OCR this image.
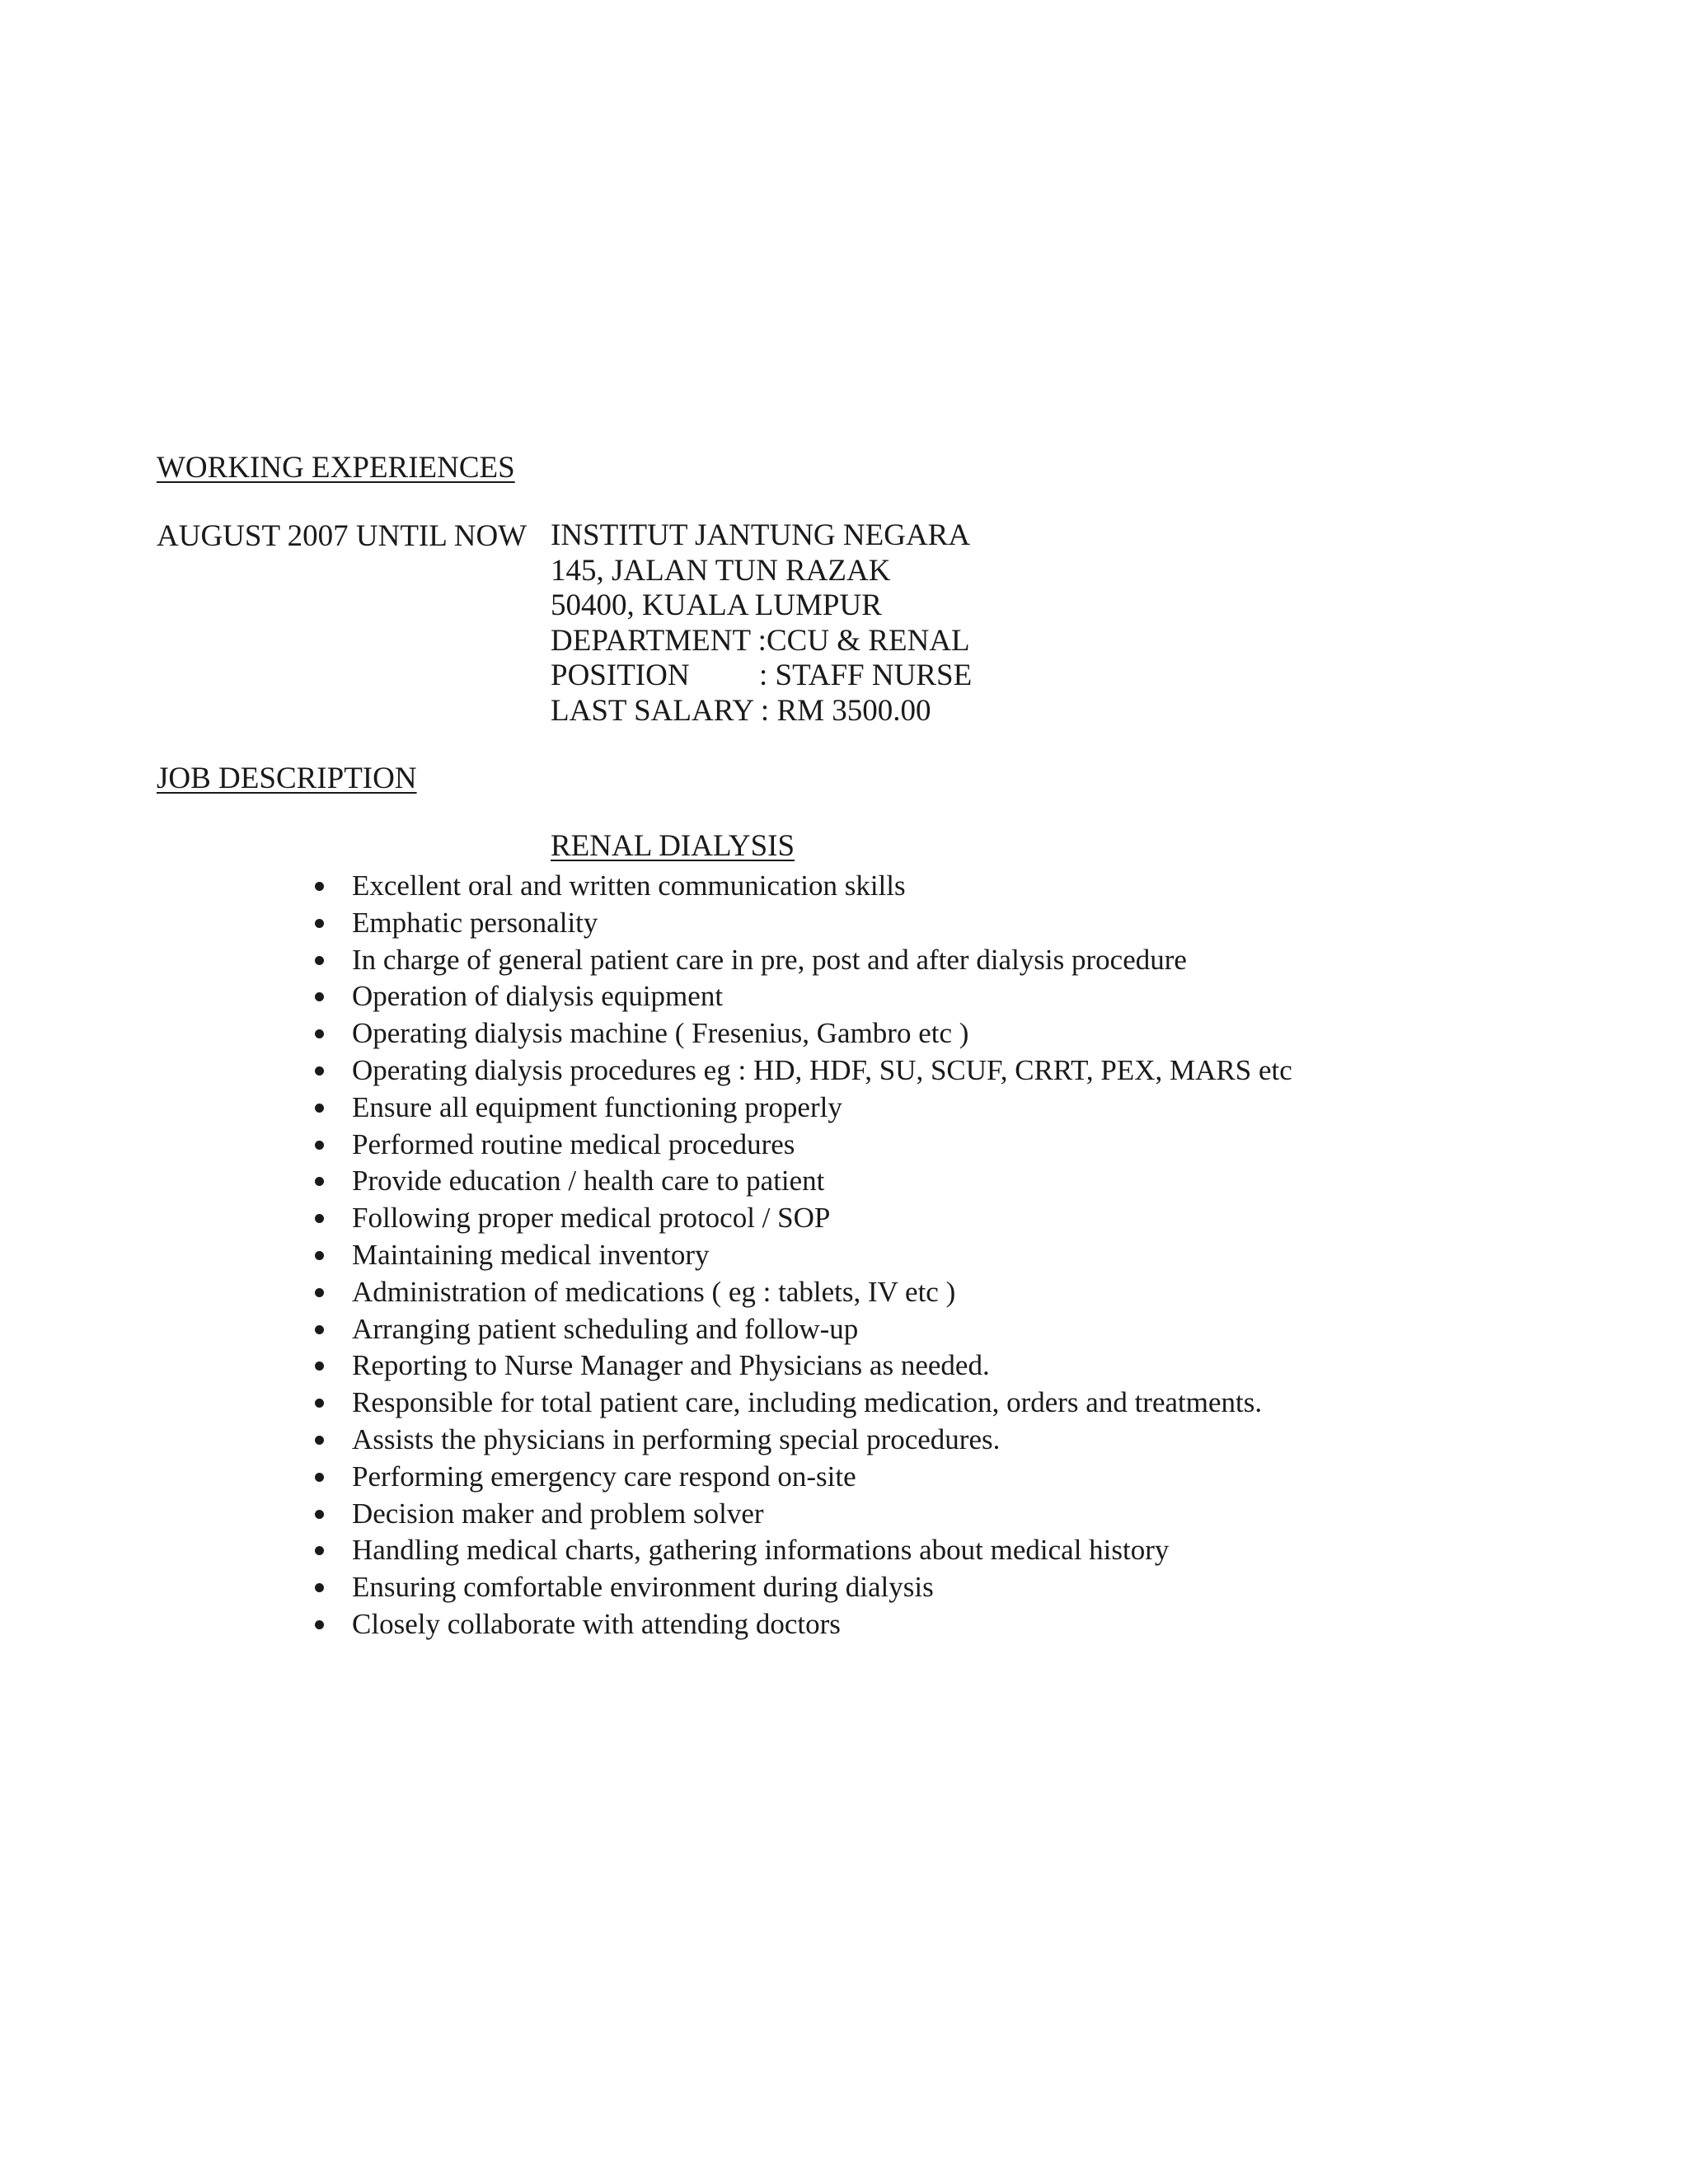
WORKING EXPERIENCES
AUGUST 2007 UNTIL NOW INSTITUT JANTUNG NEGARA
145, JALAN TUN RAZAK
50400, KUALA LUMPUR
DEPARTMENT :CCU & RENAL
POSITION : STAFF NURSE
LAST SALARY : RM 3500.00
JOB DESCRIPTION
RENAL DIALYSIS
Excellent oral and written communication skills
Emphatic personality
In charge of general patient care in pre, post and after dialysis procedure
Operation of dialysis equipment
Operating dialysis machine ( Fresenius, Gambro etc )
Operating dialysis procedures eg : HD, HDF, SU, SCUF, CRRT, PEX, MARS etc
Ensure all equipment functioning properly
Performed routine medical procedures
Provide education / health care to patient
Following proper medical protocol / SOP
Maintaining medical inventory
Administration of medications ( eg : tablets, IV etc )
Arranging patient scheduling and follow-up
Reporting to Nurse Manager and Physicians as needed.
Responsible for total patient care, including medication, orders and treatments.
Assists the physicians in performing special procedures.
Performing emergency care respond on-site
Decision maker and problem solver
Handling medical charts, gathering informations about medical history
Ensuring comfortable environment during dialysis
Closely collaborate with attending doctors
